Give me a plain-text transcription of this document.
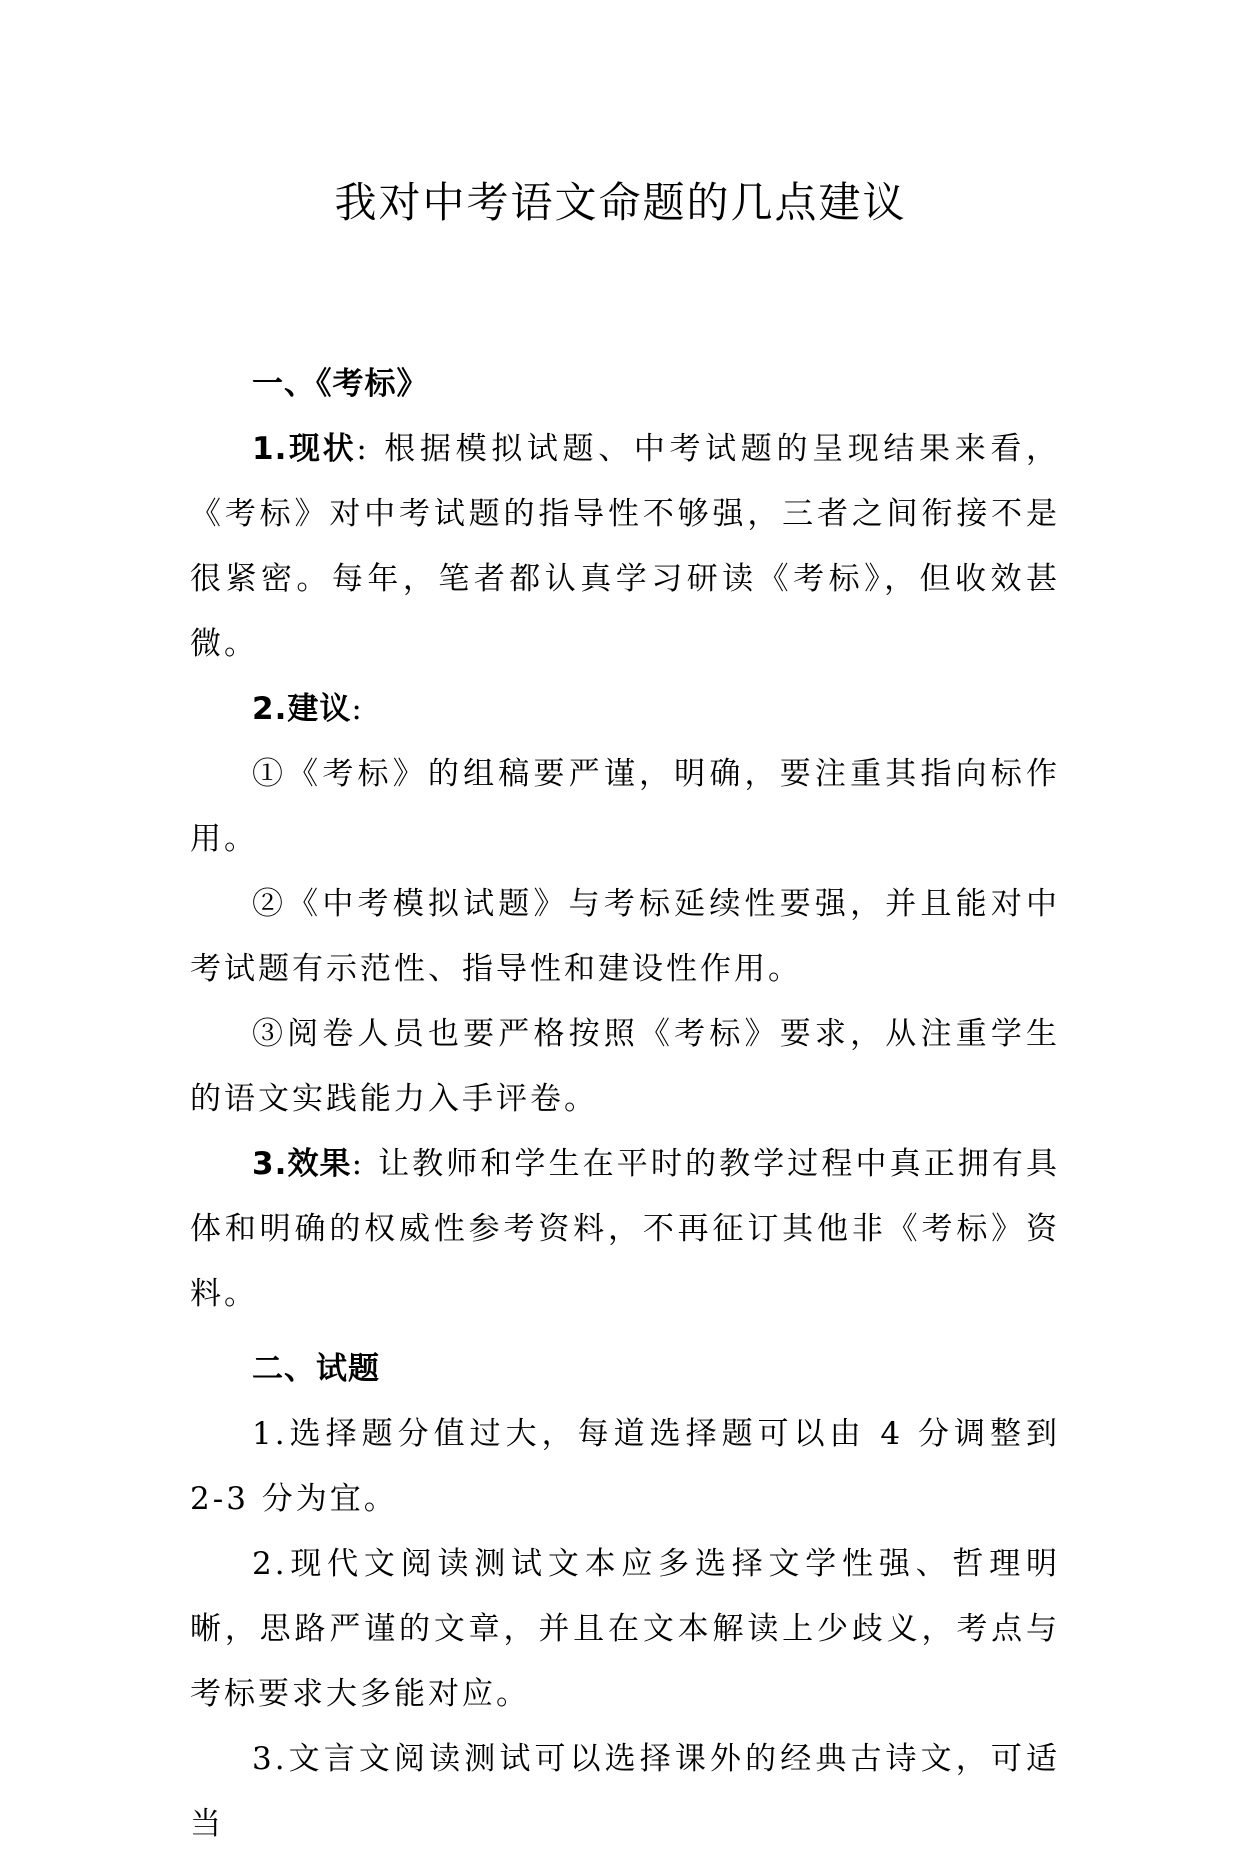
我对中考语文命题的几点建议

一、《考标》

1.现状: 根据模拟试题、中考试题的呈现结果来看，《考标》对中考试题的指导性不够强，三者之间衔接不是很紧密。每年，笔者都认真学习研读《考标》，但收效甚微。

2.建议:

①《考标》的组稿要严谨，明确，要注重其指向标作用。

②《中考模拟试题》与考标延续性要强，并且能对中考试题有示范性、指导性和建设性作用。

③阅卷人员也要严格按照《考标》要求，从注重学生的语文实践能力入手评卷。

3.效果: 让教师和学生在平时的教学过程中真正拥有具体和明确的权威性参考资料，不再征订其他非《考标》资料。

二、试题

1.选择题分值过大，每道选择题可以由 4 分调整到 2-3 分为宜。

2.现代文阅读测试文本应多选择文学性强、哲理明晰，思路严谨的文章，并且在文本解读上少歧义，考点与考标要求大多能对应。

3.文言文阅读测试可以选择课外的经典古诗文，可适当
